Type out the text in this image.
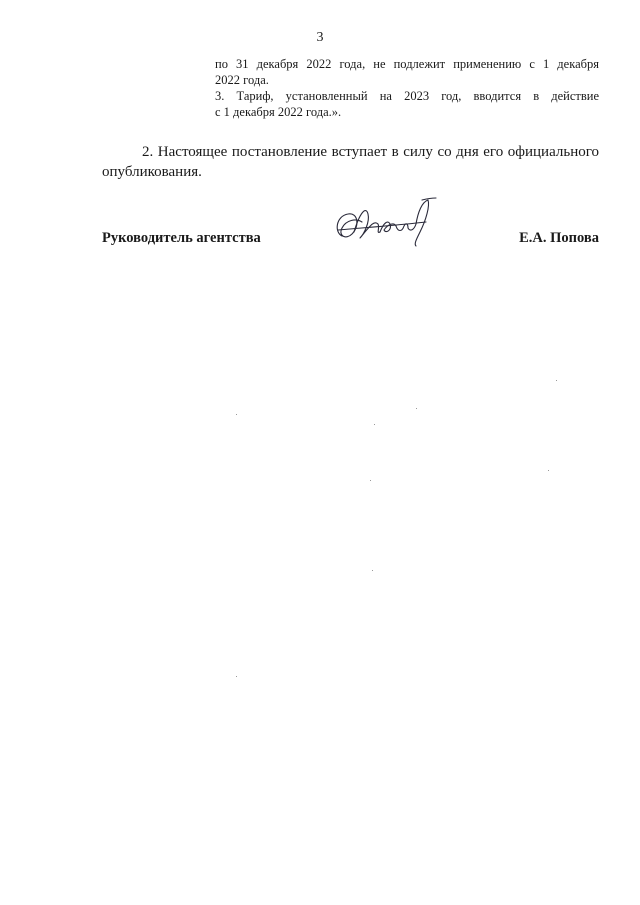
3

по 31 декабря 2022 года, не подлежит применению с 1 декабря

2022 года.

3. Тариф, установленный на 2023 год, вводится в действие

с 1 декабря 2022 года.».

2. Настоящее постановление вступает в силу со дня его официального
опубликования.
Руководитель агентства	Е.А. Попова
